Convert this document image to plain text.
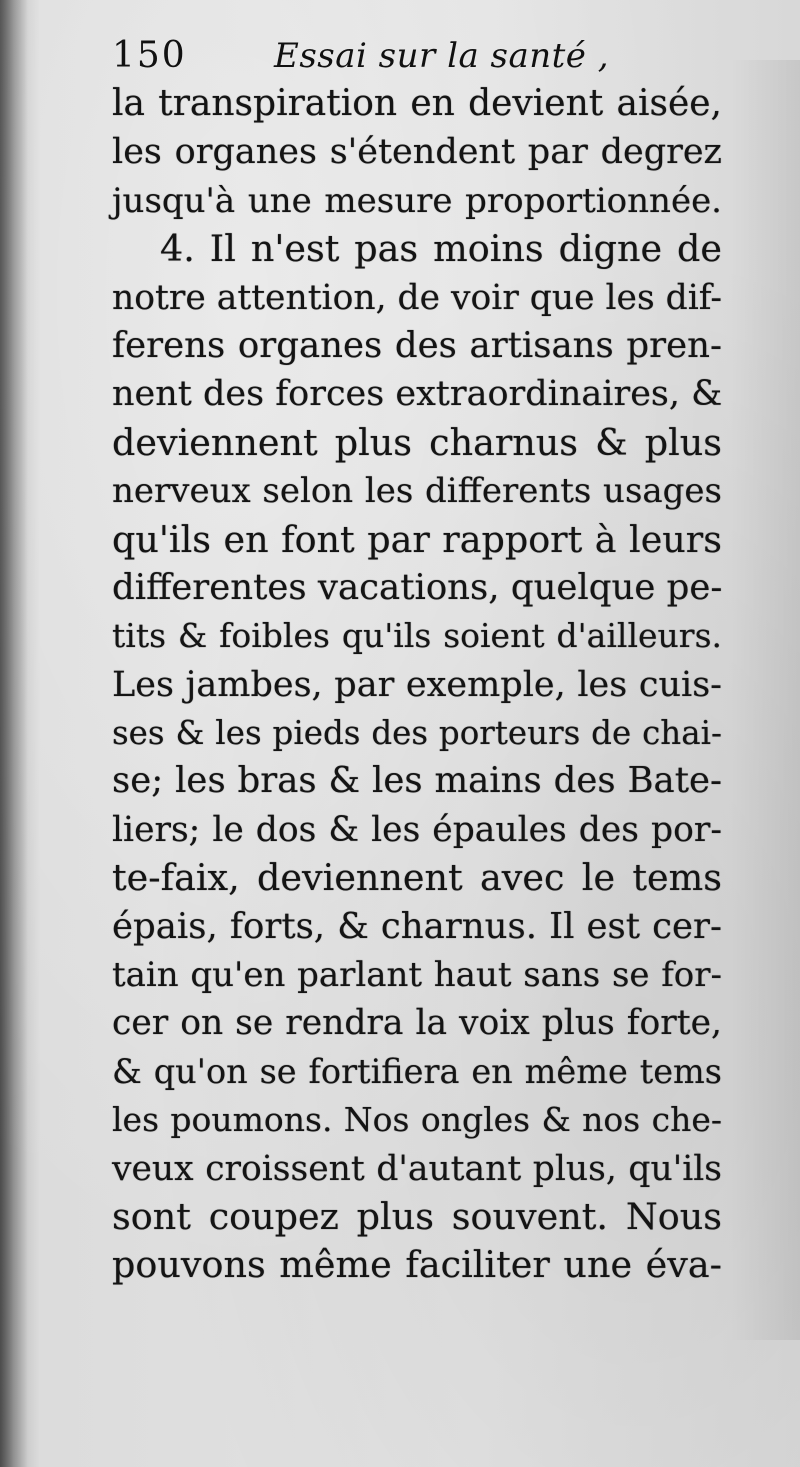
150	Essai sur la santé ,
la transpiration en devient aisée,
les organes s'étendent par degrez
jusqu'à une mesure proportionnée.
4. Il n'est pas moins digne de
notre attention, de voir que les dif-
ferens organes des artisans pren-
nent des forces extraordinaires, &
deviennent plus charnus & plus
nerveux selon les differents usages
qu'ils en font par rapport à leurs
differentes vacations, quelque pe-
tits & foibles qu'ils soient d'ailleurs.
Les jambes, par exemple, les cuis-
ses & les pieds des porteurs de chai-
se; les bras & les mains des Bate-
liers; le dos & les épaules des por-
te-faix, deviennent avec le tems
épais, forts, & charnus. Il est cer-
tain qu'en parlant haut sans se for-
cer on se rendra la voix plus forte,
& qu'on se fortifiera en même tems
les poumons. Nos ongles & nos che-
veux croissent d'autant plus, qu'ils
sont coupez plus souvent. Nous
pouvons même faciliter une éva-
